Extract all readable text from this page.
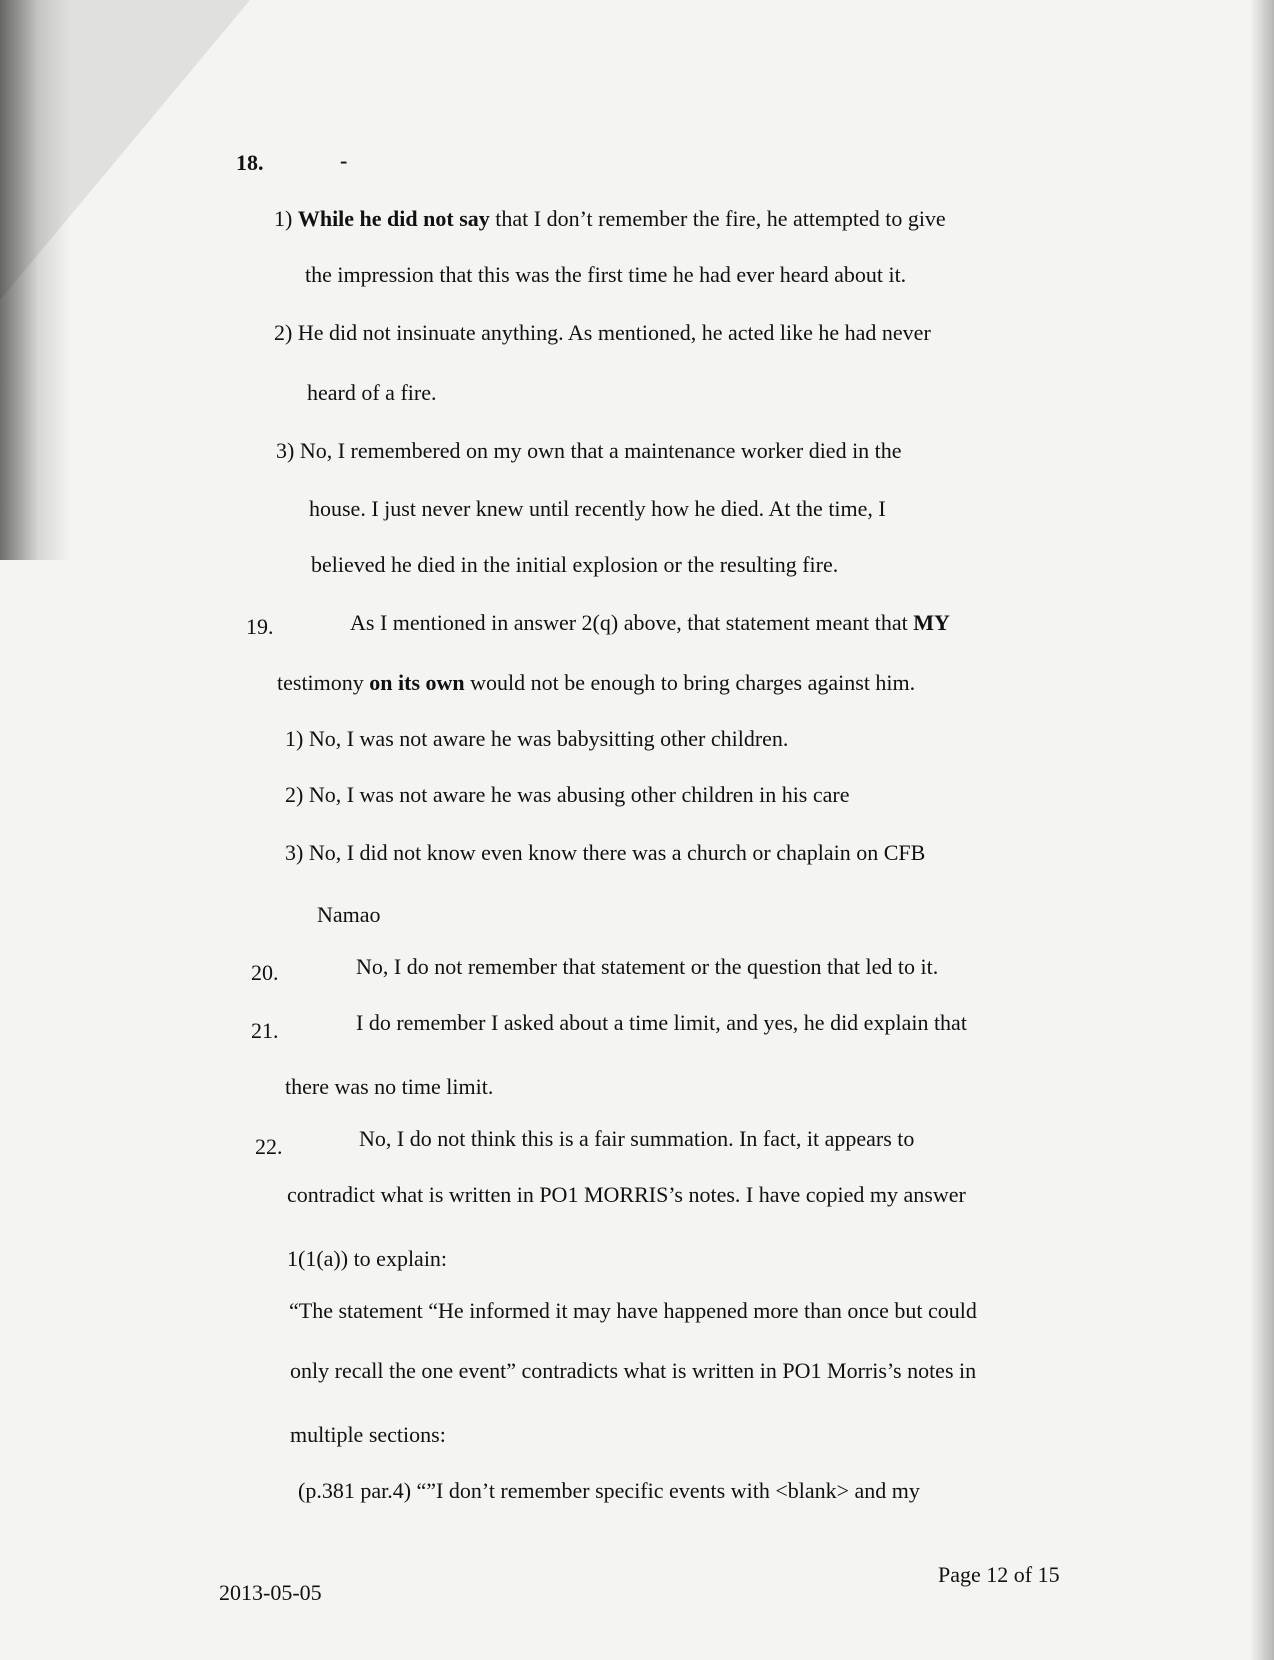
18.	-
1) While he did not say that I don’t remember the fire, he attempted to give
the impression that this was the first time he had ever heard about it.
2) He did not insinuate anything. As mentioned, he acted like he had never
heard of a fire.
3) No, I remembered on my own that a maintenance worker died in the
house. I just never knew until recently how he died. At the time, I
believed he died in the initial explosion or the resulting fire.
19.	As I mentioned in answer 2(q) above, that statement meant that MY
testimony on its own would not be enough to bring charges against him.
1) No, I was not aware he was babysitting other children.
2) No, I was not aware he was abusing other children in his care
3) No, I did not know even know there was a church or chaplain on CFB
Namao
20.	No, I do not remember that statement or the question that led to it.
21.	I do remember I asked about a time limit, and yes, he did explain that
there was no time limit.
22.	No, I do not think this is a fair summation. In fact, it appears to
contradict what is written in PO1 MORRIS’s notes. I have copied my answer
1(1(a)) to explain:
“The statement “He informed it may have happened more than once but could
only recall the one event” contradicts what is written in PO1 Morris’s notes in
multiple sections:
(p.381 par.4) “”I don’t remember specific events with <blank> and my
2013-05-05
Page 12 of 15
